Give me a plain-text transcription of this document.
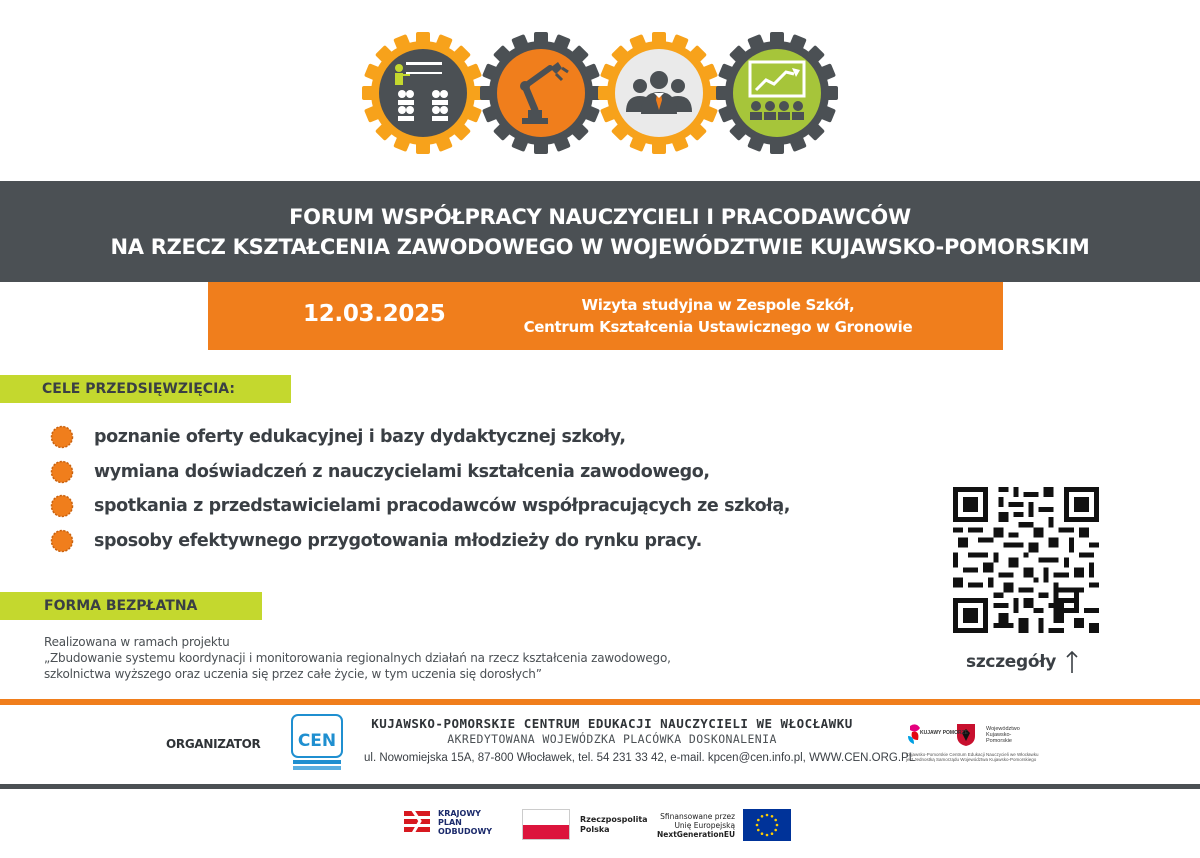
FORUM WSPÓŁPRACY NAUCZYCIELI I PRACODAWCÓW
NA RZECZ KSZTAŁCENIA ZAWODOWEGO W WOJEWÓDZTWIE KUJAWSKO-POMORSKIM
12.03.2025	Wizyta studyjna w Zespole Szkół,
Centrum Kształcenia Ustawicznego w Gronowie
CELE PRZEDSIĘWZIĘCIA:
poznanie oferty edukacyjnej i bazy dydaktycznej szkoły,
wymiana doświadczeń z nauczycielami kształcenia zawodowego,
spotkania z przedstawicielami pracodawców współpracujących ze szkołą,
sposoby efektywnego przygotowania młodzieży do rynku pracy.
szczegóły
FORMA BEZPŁATNA
Realizowana w ramach projektu
„Zbudowanie systemu koordynacji i monitorowania regionalnych działań na rzecz kształcenia zawodowego,
szkolnictwa wyższego oraz uczenia się przez całe życie, w tym uczenia się dorosłych”
ORGANIZATOR CEN
KUJAWSKO-POMORSKIE CENTRUM EDUKACJI NAUCZYCIELI WE WŁOCŁAWKU
AKREDYTOWANA WOJEWÓDZKA PLACÓWKA DOSKONALENIA
ul. Nowomiejska 15A, 87-800 Włocławek, tel. 54 231 33 42, e-mail. kpcen@cen.info.pl, WWW.CEN.ORG.PL
KUJAWY POMORZE
Województwo Kujawsko-Pomorskie
Kujawsko-Pomorskie Centrum Edukacji Nauczycieli we Włocławku
jest Jednostką Samorządu Województwa Kujawsko-Pomorskiego
KRAJOWY
PLAN
ODBUDOWY
Rzeczpospolita
Polska
Sfinansowane przez
Unię Europejską
NextGenerationEU
